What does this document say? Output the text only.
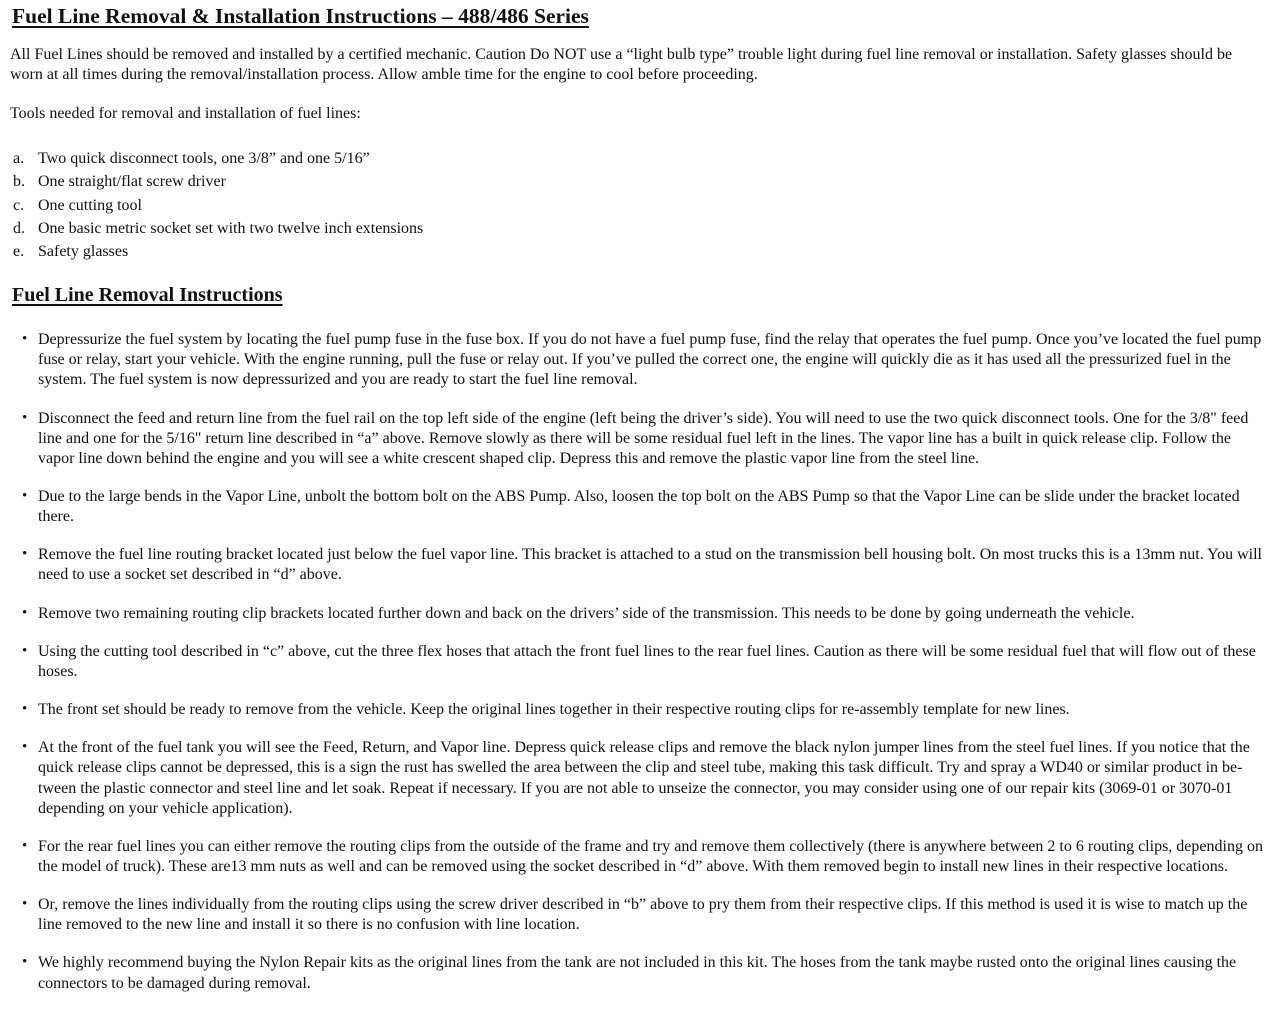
Fuel Line Removal & Installation Instructions – 488/486 Series

All Fuel Lines should be removed and installed by a certified mechanic. Caution Do NOT use a “light bulb type” trouble light during fuel line removal or installation. Safety glasses should be worn at all times during the removal/installation process. Allow amble time for the engine to cool before proceeding.

Tools needed for removal and installation of fuel lines:

a. Two quick disconnect tools, one 3/8” and one 5/16”
b. One straight/flat screw driver
c. One cutting tool
d. One basic metric socket set with two twelve inch extensions
e. Safety glasses
Fuel Line Removal Instructions
• Depressurize the fuel system by locating the fuel pump fuse in the fuse box. If you do not have a fuel pump fuse, find the relay that operates the fuel pump. Once you’ve located the fuel pump fuse or relay, start your vehicle. With the engine running, pull the fuse or relay out. If you’ve pulled the correct one, the engine will quickly die as it has used all the pressurized fuel in the system. The fuel system is now depressurized and you are ready to start the fuel line removal.
• Disconnect the feed and return line from the fuel rail on the top left side of the engine (left being the driver’s side). You will need to use the two quick disconnect tools. One for the 3/8" feed line and one for the 5/16" return line described in “a” above. Remove slowly as there will be some residual fuel left in the lines. The vapor line has a built in quick release clip. Follow the vapor line down behind the engine and you will see a white crescent shaped clip. Depress this and remove the plastic vapor line from the steel line.
• Due to the large bends in the Vapor Line, unbolt the bottom bolt on the ABS Pump. Also, loosen the top bolt on the ABS Pump so that the Vapor Line can be slide under the bracket located there.
• Remove the fuel line routing bracket located just below the fuel vapor line. This bracket is attached to a stud on the transmission bell housing bolt. On most trucks this is a 13mm nut. You will need to use a socket set described in “d” above.
• Remove two remaining routing clip brackets located further down and back on the drivers’ side of the transmission. This needs to be done by going underneath the vehicle.
• Using the cutting tool described in “c” above, cut the three flex hoses that attach the front fuel lines to the rear fuel lines. Caution as there will be some residual fuel that will flow out of these hoses.
• The front set should be ready to remove from the vehicle. Keep the original lines together in their respective routing clips for re-assembly template for new lines.
• At the front of the fuel tank you will see the Feed, Return, and Vapor line. Depress quick release clips and remove the black nylon jumper lines from the steel fuel lines. If you notice that the quick release clips cannot be depressed, this is a sign the rust has swelled the area between the clip and steel tube, making this task difficult. Try and spray a WD40 or similar product in be-tween the plastic connector and steel line and let soak. Repeat if necessary. If you are not able to unseize the connector, you may consider using one of our repair kits (3069-01 or 3070-01 depending on your vehicle application).
• For the rear fuel lines you can either remove the routing clips from the outside of the frame and try and remove them collectively (there is anywhere between 2 to 6 routing clips, depending on the model of truck). These are13 mm nuts as well and can be removed using the socket described in “d” above. With them removed begin to install new lines in their respective locations.
• Or, remove the lines individually from the routing clips using the screw driver described in “b” above to pry them from their respective clips. If this method is used it is wise to match up the line removed to the new line and install it so there is no confusion with line location.
• We highly recommend buying the Nylon Repair kits as the original lines from the tank are not included in this kit. The hoses from the tank maybe rusted onto the original lines causing the connectors to be damaged during removal.
